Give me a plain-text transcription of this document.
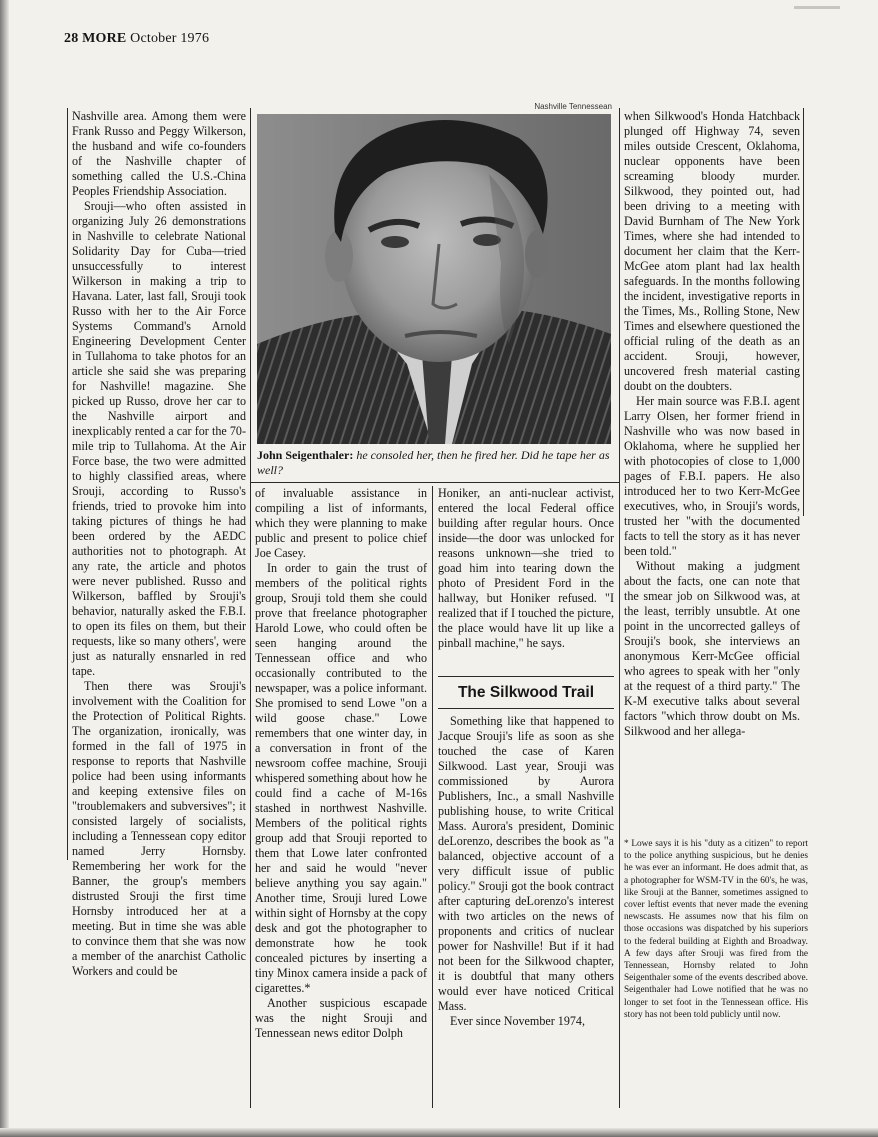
28 MORE October 1976

Nashville area. Among them were Frank Russo and Peggy Wilkerson, the husband and wife co-founders of the Nashville chapter of something called the U.S.-China Peoples Friendship Association.

Srouji—who often assisted in organizing July 26 demonstrations in Nashville to celebrate National Solidarity Day for Cuba—tried unsuccessfully to interest Wilkerson in making a trip to Havana. Later, last fall, Srouji took Russo with her to the Air Force Systems Command's Arnold Engineering Development Center in Tullahoma to take photos for an article she said she was preparing for Nashville! magazine. She picked up Russo, drove her car to the Nashville airport and inexplicably rented a car for the 70-mile trip to Tullahoma. At the Air Force base, the two were admitted to highly classified areas, where Srouji, according to Russo's friends, tried to provoke him into taking pictures of things he had been ordered by the AEDC authorities not to photograph. At any rate, the article and photos were never published. Russo and Wilkerson, baffled by Srouji's behavior, naturally asked the F.B.I. to open its files on them, but their requests, like so many others', were just as naturally ensnarled in red tape.

Then there was Srouji's involvement with the Coalition for the Protection of Political Rights. The organization, ironically, was formed in the fall of 1975 in response to reports that Nashville police had been using informants and keeping extensive files on "troublemakers and subversives"; it consisted largely of socialists, including a Tennessean copy editor named Jerry Hornsby. Remembering her work for the Banner, the group's members distrusted Srouji the first time Hornsby introduced her at a meeting. But in time she was able to convince them that she was now a member of the anarchist Catholic Workers and could be

Nashville Tennessean
John Seigenthaler: he consoled her, then he fired her. Did he tape her as well?

of invaluable assistance in compiling a list of informants, which they were planning to make public and present to police chief Joe Casey.

In order to gain the trust of members of the political rights group, Srouji told them she could prove that freelance photographer Harold Lowe, who could often be seen hanging around the Tennessean office and who occasionally contributed to the newspaper, was a police informant. She promised to send Lowe "on a wild goose chase." Lowe remembers that one winter day, in a conversation in front of the newsroom coffee machine, Srouji whispered something about how he could find a cache of M-16s stashed in northwest Nashville. Members of the political rights group add that Srouji reported to them that Lowe later confronted her and said he would "never believe anything you say again." Another time, Srouji lured Lowe within sight of Hornsby at the copy desk and got the photographer to demonstrate how he took concealed pictures by inserting a tiny Minox camera inside a pack of cigarettes.*

Another suspicious escapade was the night Srouji and Tennessean news editor Dolph

Honiker, an anti-nuclear activist, entered the local Federal office building after regular hours. Once inside—the door was unlocked for reasons unknown—she tried to goad him into tearing down the photo of President Ford in the hallway, but Honiker refused. "I realized that if I touched the picture, the place would have lit up like a pinball machine," he says.

The Silkwood Trail

Something like that happened to Jacque Srouji's life as soon as she touched the case of Karen Silkwood. Last year, Srouji was commissioned by Aurora Publishers, Inc., a small Nashville publishing house, to write Critical Mass. Aurora's president, Dominic deLorenzo, describes the book as "a balanced, objective account of a very difficult issue of public policy." Srouji got the book contract after capturing deLorenzo's interest with two articles on the news of proponents and critics of nuclear power for Nashville! But if it had not been for the Silkwood chapter, it is doubtful that many others would ever have noticed Critical Mass.

Ever since November 1974,

when Silkwood's Honda Hatchback plunged off Highway 74, seven miles outside Crescent, Oklahoma, nuclear opponents have been screaming bloody murder. Silkwood, they pointed out, had been driving to a meeting with David Burnham of The New York Times, where she had intended to document her claim that the Kerr-McGee atom plant had lax health safeguards. In the months following the incident, investigative reports in the Times, Ms., Rolling Stone, New Times and elsewhere questioned the official ruling of the death as an accident. Srouji, however, uncovered fresh material casting doubt on the doubters.

Her main source was F.B.I. agent Larry Olsen, her former friend in Nashville who was now based in Oklahoma, where he supplied her with photocopies of close to 1,000 pages of F.B.I. papers. He also introduced her to two Kerr-McGee executives, who, in Srouji's words, trusted her "with the documented facts to tell the story as it has never been told."

Without making a judgment about the facts, one can note that the smear job on Silkwood was, at the least, terribly unsubtle. At one point in the uncorrected galleys of Srouji's book, she interviews an anonymous Kerr-McGee official who agrees to speak with her "only at the request of a third party." The K-M executive talks about several factors "which throw doubt on Ms. Silkwood and her allega-

* Lowe says it is his "duty as a citizen" to report to the police anything suspicious, but he denies he was ever an informant. He does admit that, as a photographer for WSM-TV in the 60's, he was, like Srouji at the Banner, sometimes assigned to cover leftist events that never made the evening newscasts. He assumes now that his film on those occasions was dispatched by his superiors to the federal building at Eighth and Broadway. A few days after Srouji was fired from the Tennessean, Hornsby related to John Seigenthaler some of the events described above. Seigenthaler had Lowe notified that he was no longer to set foot in the Tennessean office. His story has not been told publicly until now.
